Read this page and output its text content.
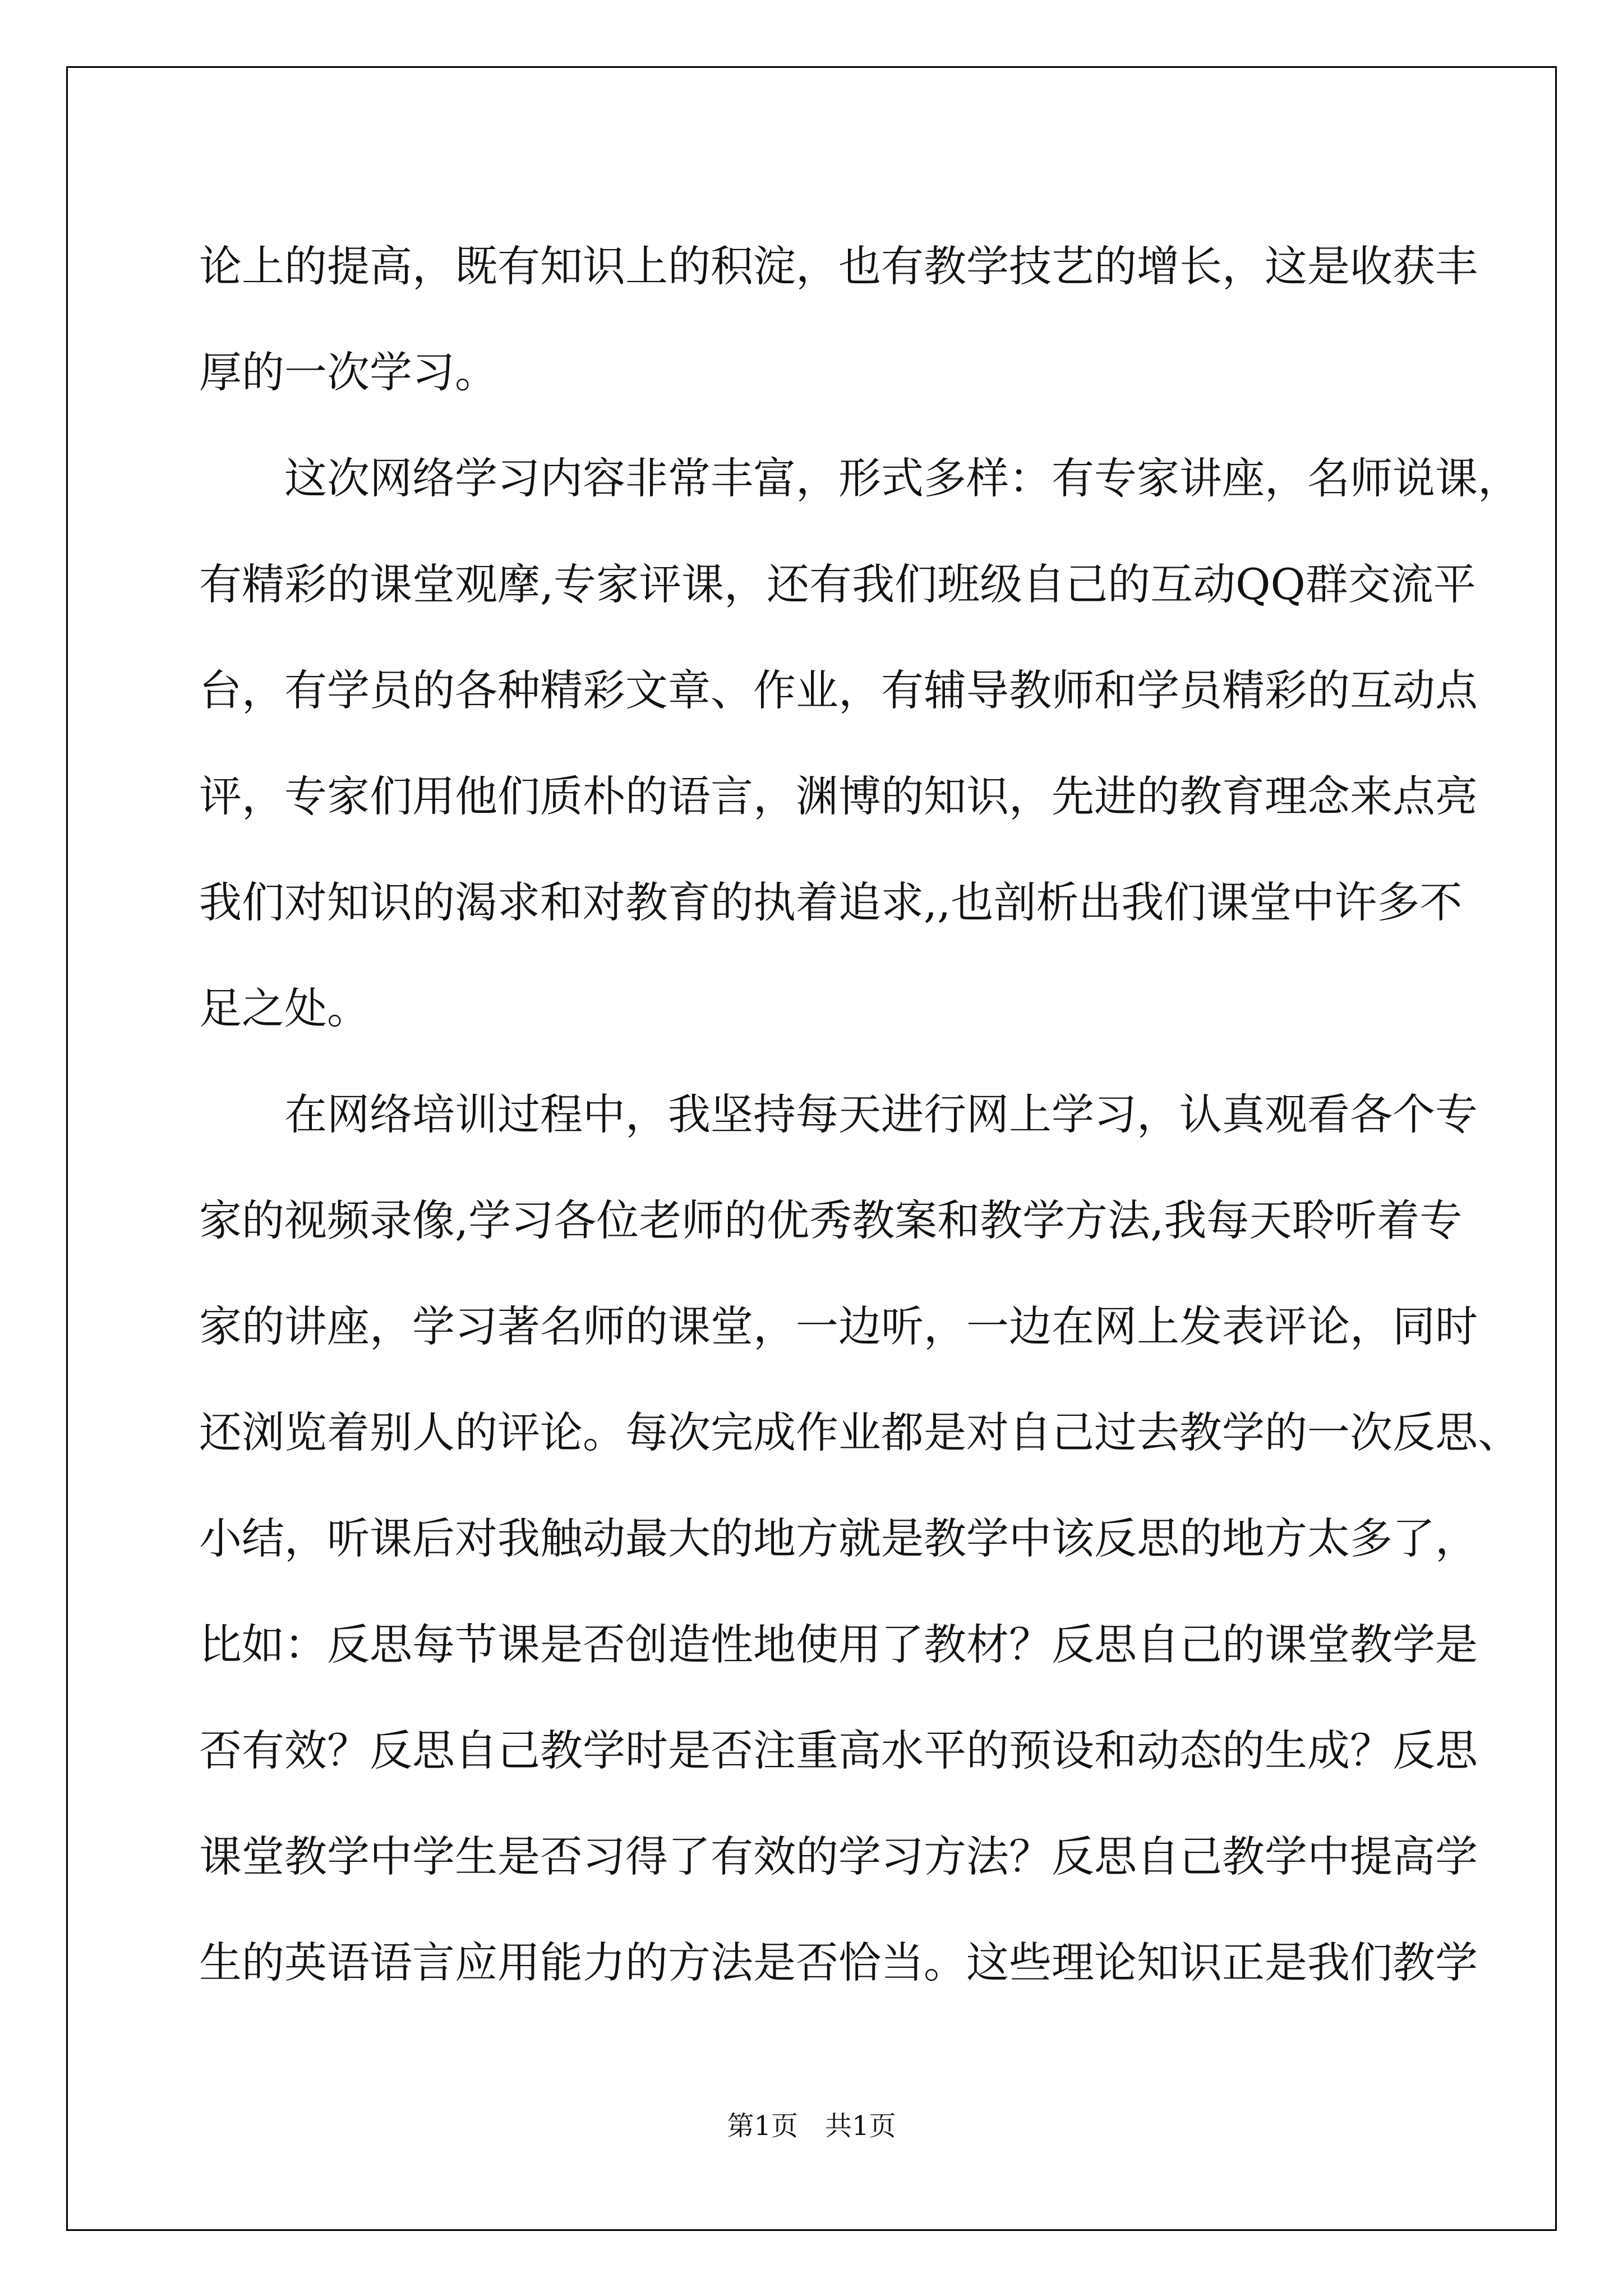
论上的提高，既有知识上的积淀，也有教学技艺的增长，这是收获丰
厚的一次学习。
　　这次网络学习内容非常丰富，形式多样：有专家讲座，名师说课，
有精彩的课堂观摩,专家评课，还有我们班级自己的互动QQ群交流平
台，有学员的各种精彩文章、作业，有辅导教师和学员精彩的互动点
评，专家们用他们质朴的语言，渊博的知识，先进的教育理念来点亮
我们对知识的渴求和对教育的执着追求,,也剖析出我们课堂中许多不
足之处。
　　在网络培训过程中，我坚持每天进行网上学习，认真观看各个专
家的视频录像,学习各位老师的优秀教案和教学方法,我每天聆听着专
家的讲座，学习著名师的课堂，一边听，一边在网上发表评论，同时
还浏览着别人的评论。每次完成作业都是对自己过去教学的一次反思、
小结，听课后对我触动最大的地方就是教学中该反思的地方太多了，
比如：反思每节课是否创造性地使用了教材？反思自己的课堂教学是
否有效？反思自己教学时是否注重高水平的预设和动态的生成？反思
课堂教学中学生是否习得了有效的学习方法？反思自己教学中提高学
生的英语语言应用能力的方法是否恰当。这些理论知识正是我们教学
第1页　共1页
